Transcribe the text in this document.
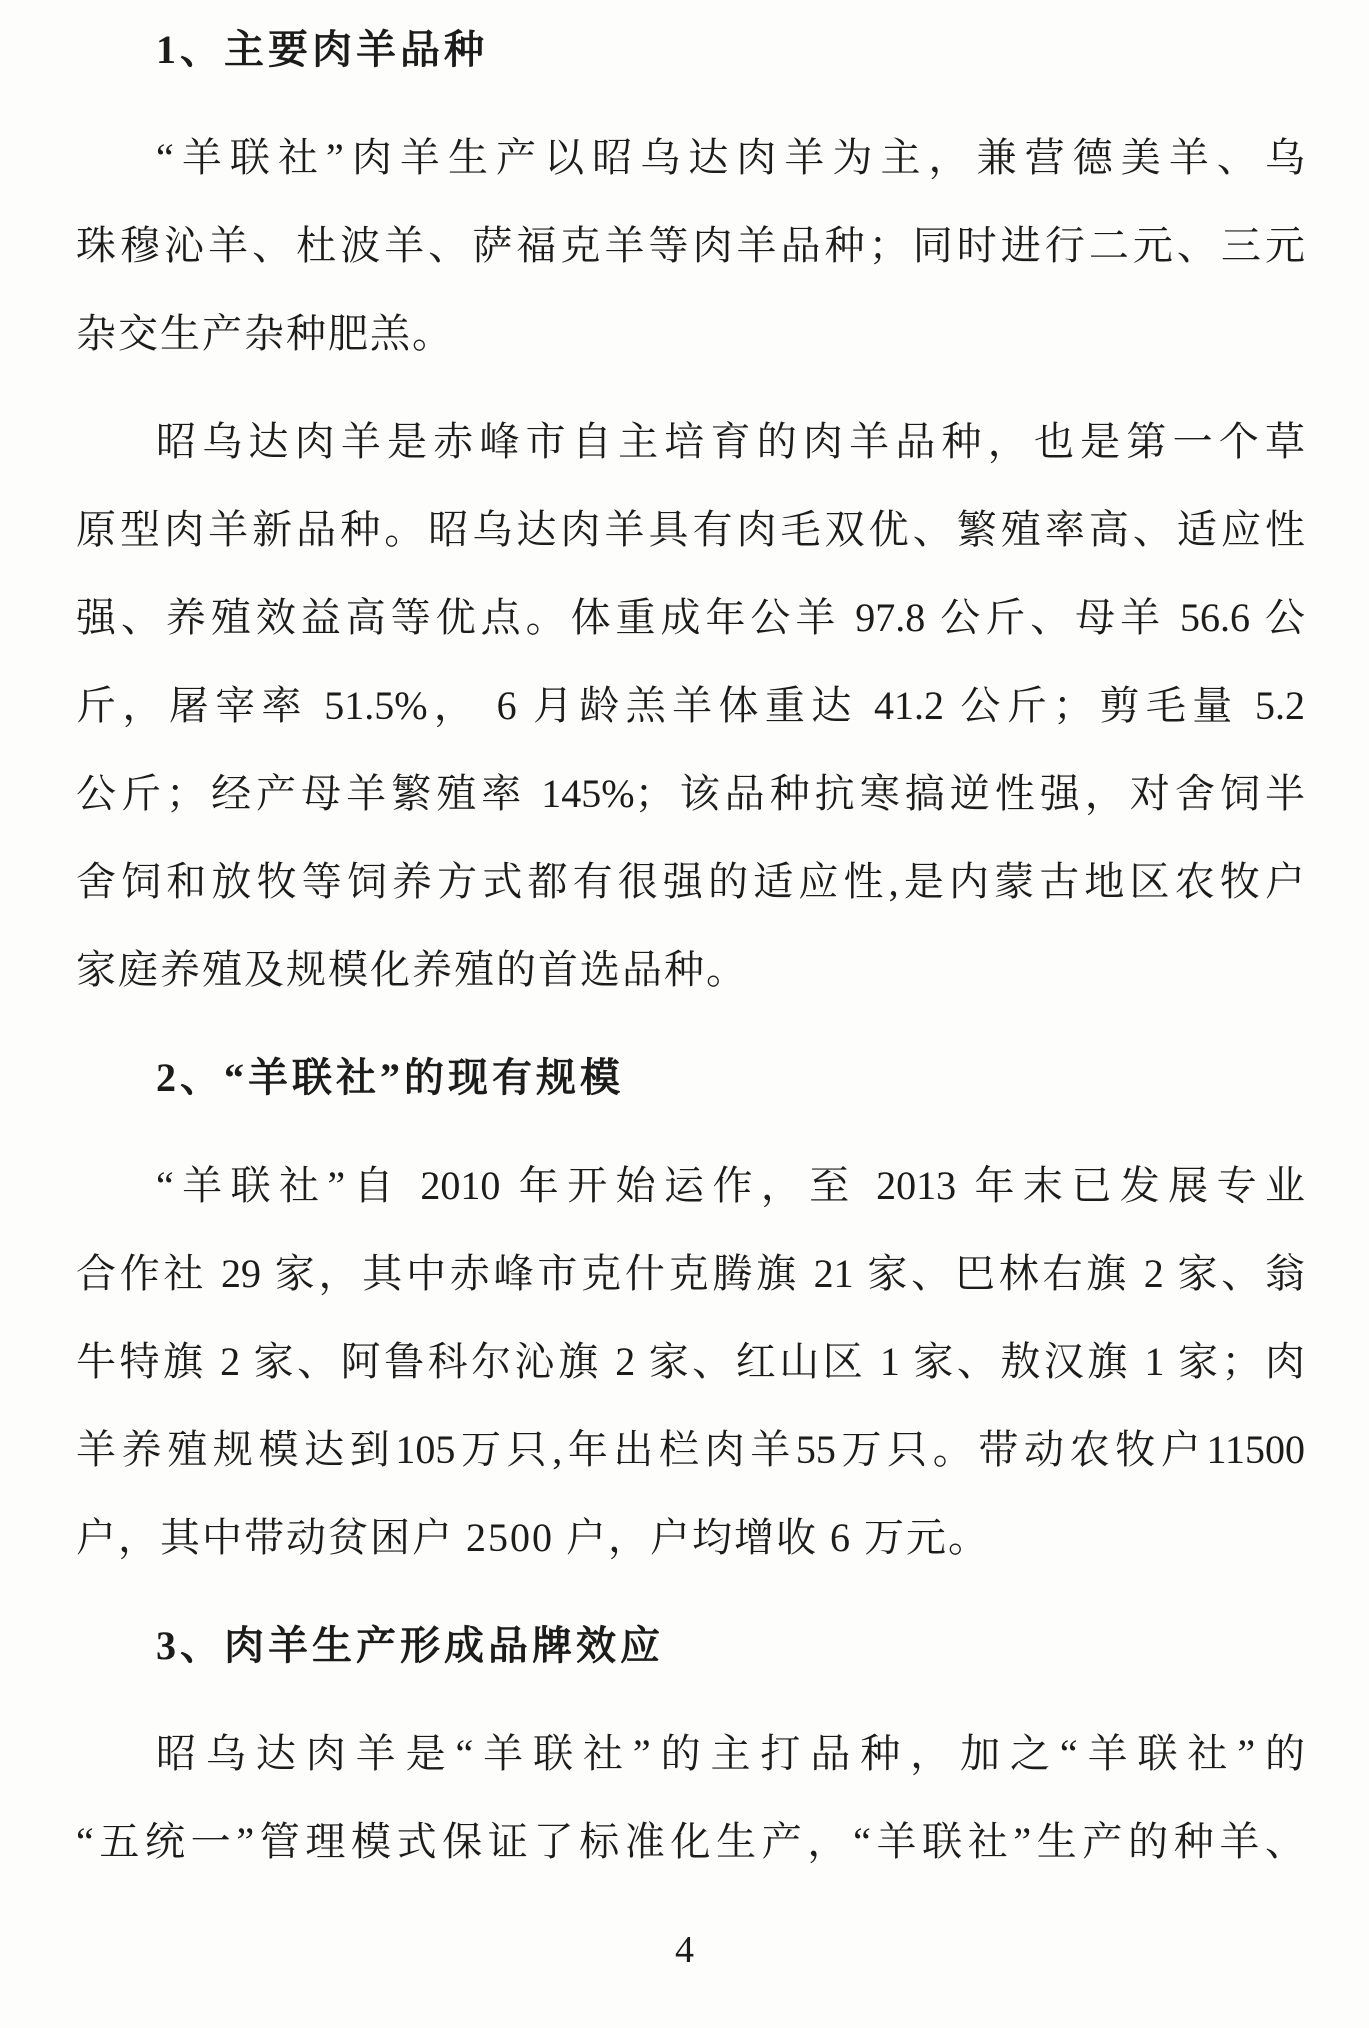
1、主要肉羊品种
“羊联社”肉羊生产以昭乌达肉羊为主，兼营德美羊、乌
珠穆沁羊、杜波羊、萨福克羊等肉羊品种；同时进行二元、三元
杂交生产杂种肥羔。
昭乌达肉羊是赤峰市自主培育的肉羊品种，也是第一个草
原型肉羊新品种。昭乌达肉羊具有肉毛双优、繁殖率高、适应性
强、养殖效益高等优点。体重成年公羊 97.8 公斤、母羊 56.6 公
斤，屠宰率 51.5%， 6 月龄羔羊体重达 41.2 公斤；剪毛量 5.2
公斤；经产母羊繁殖率 145%；该品种抗寒搞逆性强，对舍饲半
舍饲和放牧等饲养方式都有很强的适应性,是内蒙古地区农牧户
家庭养殖及规模化养殖的首选品种。
2、“羊联社”的现有规模
“羊联社”自 2010 年开始运作，至 2013 年末已发展专业
合作社 29 家，其中赤峰市克什克腾旗 21 家、巴林右旗 2 家、翁
牛特旗 2 家、阿鲁科尔沁旗 2 家、红山区 1 家、敖汉旗 1 家；肉
羊养殖规模达到105万只,年出栏肉羊55万只。带动农牧户11500
户，其中带动贫困户 2500 户，户均增收 6 万元。
3、肉羊生产形成品牌效应
昭乌达肉羊是“羊联社”的主打品种，加之“羊联社”的
“五统一”管理模式保证了标准化生产，“羊联社”生产的种羊、
4
